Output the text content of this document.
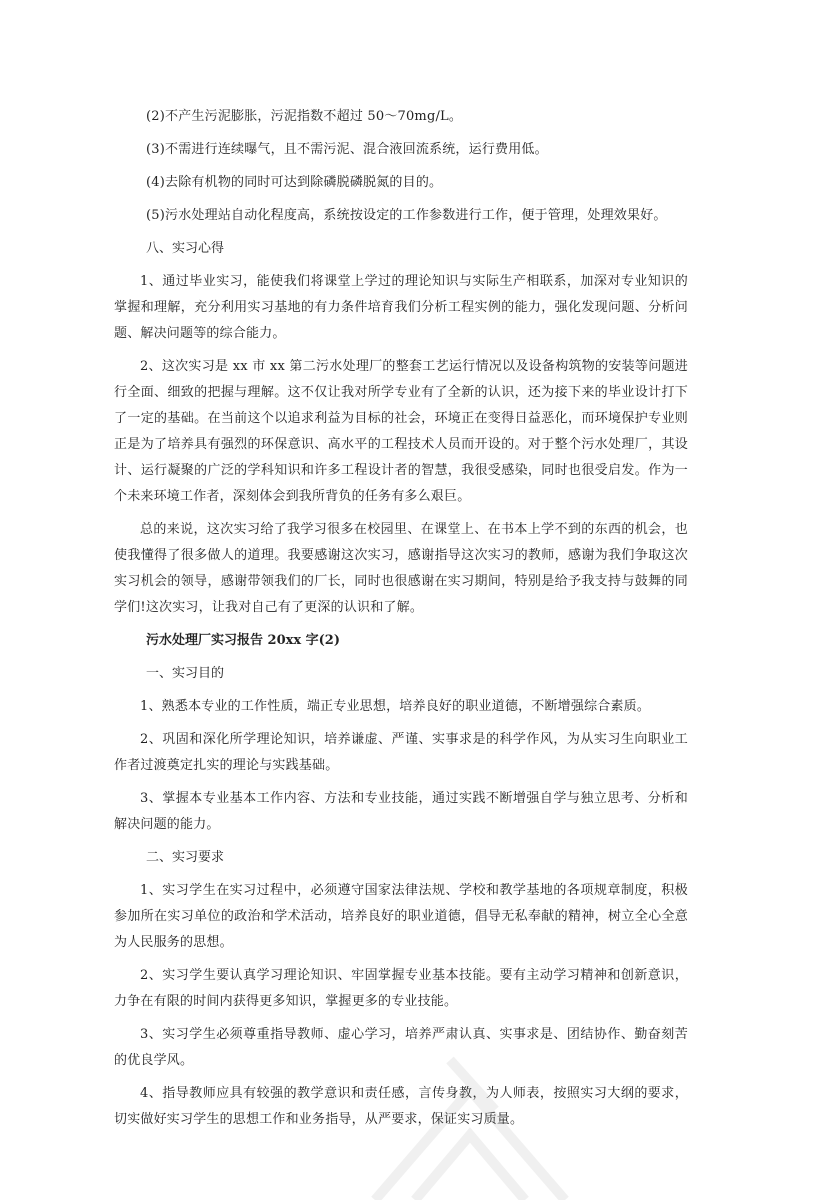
(2)不产生污泥膨胀，污泥指数不超过 50～70mg/L。

(3)不需进行连续曝气，且不需污泥、混合液回流系统，运行费用低。

(4)去除有机物的同时可达到除磷脱磷脱氮的目的。

(5)污水处理站自动化程度高，系统按设定的工作参数进行工作，便于管理，处理效果好。

八、实习心得

1、通过毕业实习，能使我们将课堂上学过的理论知识与实际生产相联系，加深对专业知识的掌握和理解，充分利用实习基地的有力条件培育我们分析工程实例的能力，强化发现问题、分析问题、解决问题等的综合能力。

2、这次实习是 xx 市 xx 第二污水处理厂的整套工艺运行情况以及设备构筑物的安装等问题进行全面、细致的把握与理解。这不仅让我对所学专业有了全新的认识，还为接下来的毕业设计打下了一定的基础。在当前这个以追求利益为目标的社会，环境正在变得日益恶化，而环境保护专业则正是为了培养具有强烈的环保意识、高水平的工程技术人员而开设的。对于整个污水处理厂，其设计、运行凝聚的广泛的学科知识和许多工程设计者的智慧，我很受感染，同时也很受启发。作为一个未来环境工作者，深刻体会到我所背负的任务有多么艰巨。

总的来说，这次实习给了我学习很多在校园里、在课堂上、在书本上学不到的东西的机会，也使我懂得了很多做人的道理。我要感谢这次实习，感谢指导这次实习的教师，感谢为我们争取这次实习机会的领导，感谢带领我们的厂长，同时也很感谢在实习期间，特别是给予我支持与鼓舞的同学们!这次实习，让我对自己有了更深的认识和了解。

污水处理厂实习报告 20xx 字(2)

一、实习目的

1、熟悉本专业的工作性质，端正专业思想，培养良好的职业道德，不断增强综合素质。

2、巩固和深化所学理论知识，培养谦虚、严谨、实事求是的科学作风，为从实习生向职业工作者过渡奠定扎实的理论与实践基础。

3、掌握本专业基本工作内容、方法和专业技能，通过实践不断增强自学与独立思考、分析和解决问题的能力。

二、实习要求

1、实习学生在实习过程中，必须遵守国家法律法规、学校和教学基地的各项规章制度，积极参加所在实习单位的政治和学术活动，培养良好的职业道德，倡导无私奉献的精神，树立全心全意为人民服务的思想。

2、实习学生要认真学习理论知识、牢固掌握专业基本技能。要有主动学习精神和创新意识，力争在有限的时间内获得更多知识，掌握更多的专业技能。

3、实习学生必须尊重指导教师、虚心学习，培养严肃认真、实事求是、团结协作、勤奋刻苦的优良学风。

4、指导教师应具有较强的教学意识和责任感，言传身教，为人师表，按照实习大纲的要求，切实做好实习学生的思想工作和业务指导，从严要求，保证实习质量。
